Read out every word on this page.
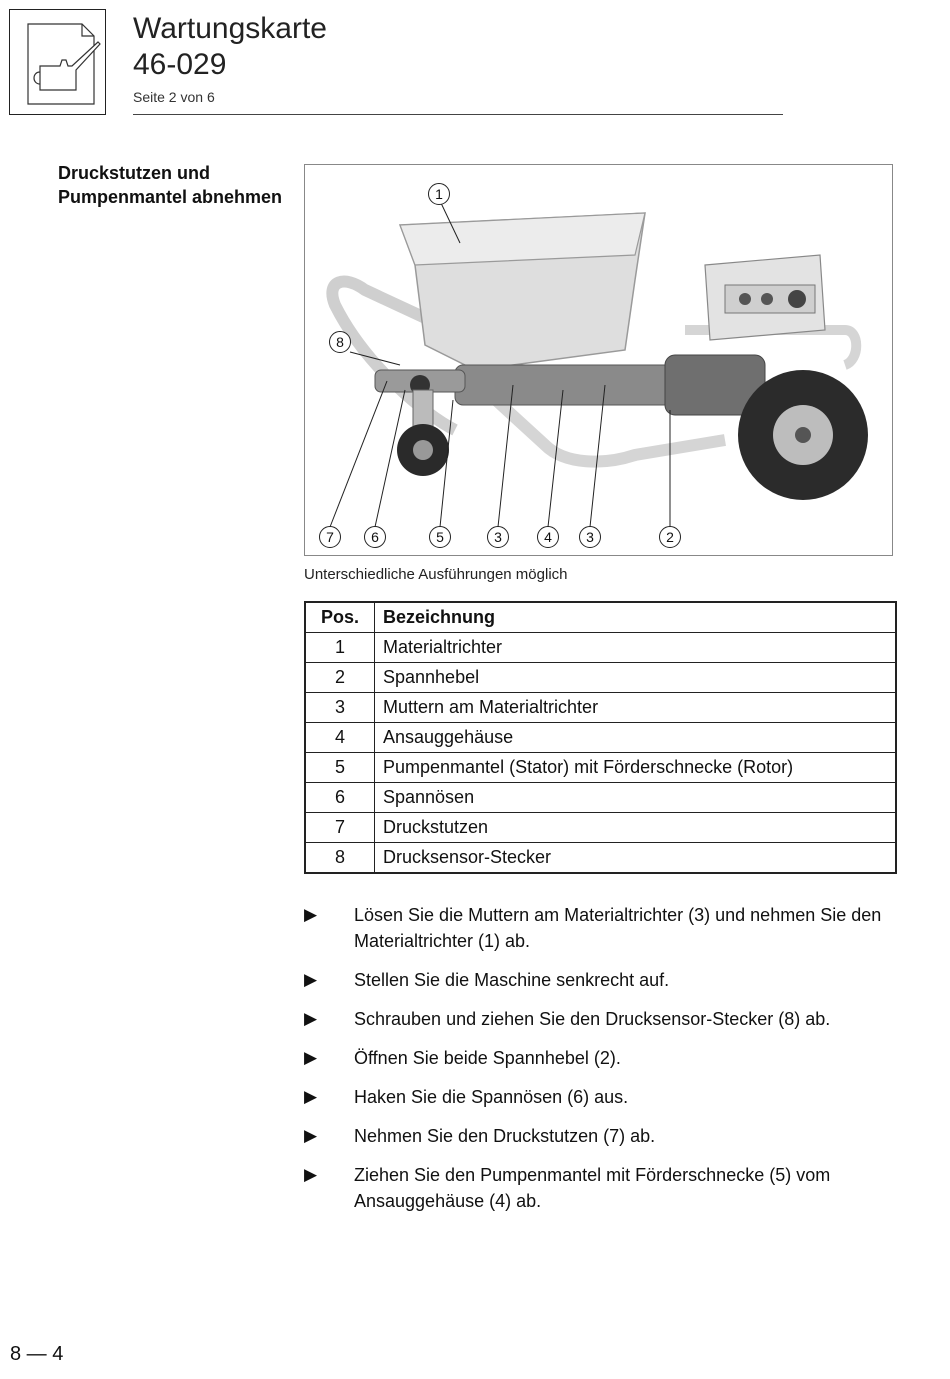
Wartungskarte
46-029
Seite 2 von 6
Druckstutzen und Pumpenmantel abnehmen	1
8
7	6	5	3	4	3	2
Unterschiedliche Ausführungen möglich
Pos.	Bezeichnung
1	Materialtrichter
2	Spannhebel
3	Muttern am Materialtrichter
4	Ansauggehäuse
5	Pumpenmantel (Stator) mit Förderschnecke (Rotor)
6	Spannösen
7	Druckstutzen
8	Drucksensor-Stecker
▶ Lösen Sie die Muttern am Materialtrichter (3) und nehmen Sie den Materialtrichter (1) ab.
▶ Stellen Sie die Maschine senkrecht auf.
▶ Schrauben und ziehen Sie den Drucksensor-Stecker (8) ab.
▶ Öffnen Sie beide Spannhebel (2).
▶ Haken Sie die Spannösen (6) aus.
▶ Nehmen Sie den Druckstutzen (7) ab.
▶ Ziehen Sie den Pumpenmantel mit Förderschnecke (5) vom Ansauggehäuse (4) ab.
8 — 4
